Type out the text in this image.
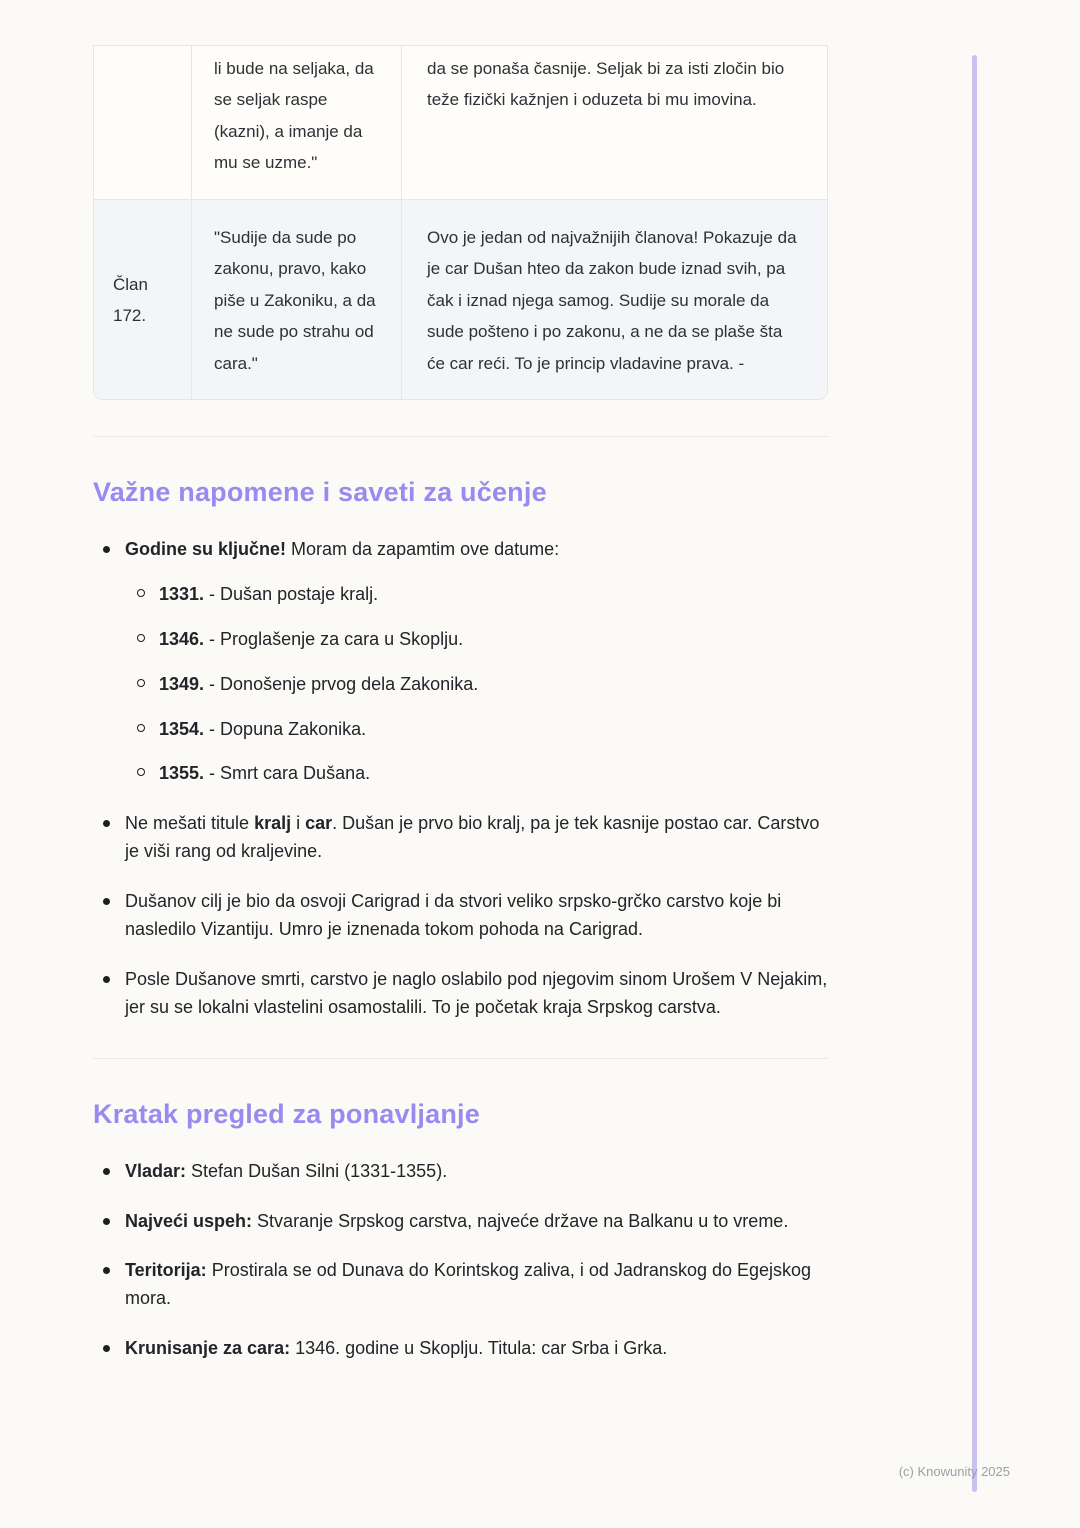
li bude na seljaka, da se seljak raspe (kazni), a imanje da mu se uzme."
da se ponaša časnije. Seljak bi za isti zločin bio teže fizički kažnjen i oduzeta bi mu imovina.
Član 172.
"Sudije da sude po zakonu, pravo, kako piše u Zakoniku, a da ne sude po strahu od cara."
Ovo je jedan od najvažnijih članova! Pokazuje da je car Dušan hteo da zakon bude iznad svih, pa čak i iznad njega samog. Sudije su morale da sude pošteno i po zakonu, a ne da se plaše šta će car reći. To je princip vladavine prava. -
Važne napomene i saveti za učenje
Godine su ključne! Moram da zapamtim ove datume:
1331. - Dušan postaje kralj.
1346. - Proglašenje za cara u Skoplju.
1349. - Donošenje prvog dela Zakonika.
1354. - Dopuna Zakonika.
1355. - Smrt cara Dušana.
Ne mešati titule kralj i car. Dušan je prvo bio kralj, pa je tek kasnije postao car. Carstvo je viši rang od kraljevine.
Dušanov cilj je bio da osvoji Carigrad i da stvori veliko srpsko-grčko carstvo koje bi nasledilo Vizantiju. Umro je iznenada tokom pohoda na Carigrad.
Posle Dušanove smrti, carstvo je naglo oslabilo pod njegovim sinom Urošem V Nejakim, jer su se lokalni vlastelini osamostalili. To je početak kraja Srpskog carstva.
Kratak pregled za ponavljanje
Vladar: Stefan Dušan Silni (1331-1355).
Najveći uspeh: Stvaranje Srpskog carstva, najveće države na Balkanu u to vreme.
Teritorija: Prostirala se od Dunava do Korintskog zaliva, i od Jadranskog do Egejskog mora.
Krunisanje za cara: 1346. godine u Skoplju. Titula: car Srba i Grka.
(c) Knowunity 2025
